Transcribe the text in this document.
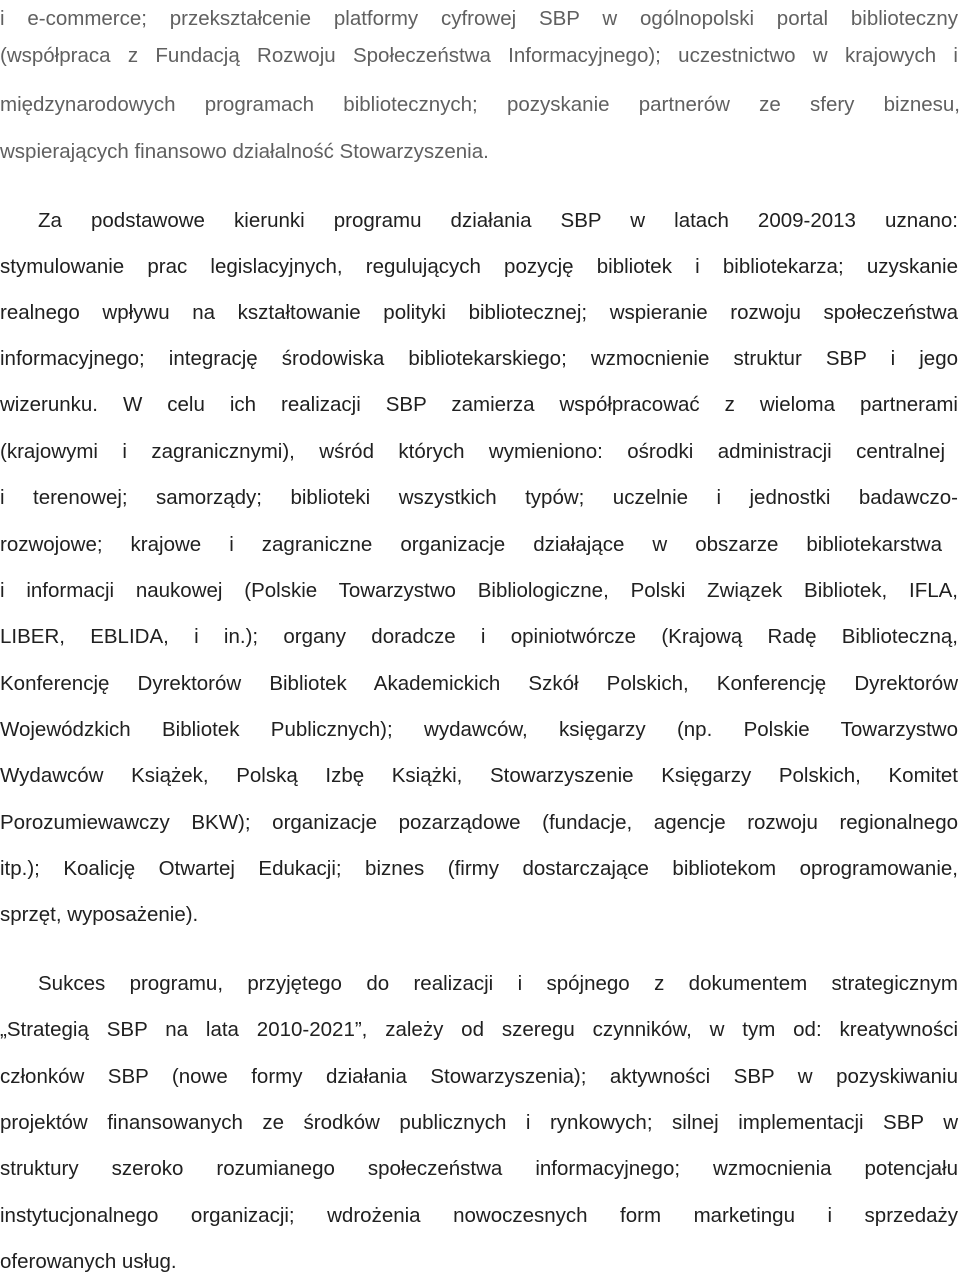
i e-commerce; przekształcenie platformy cyfrowej SBP w ogólnopolski portal biblioteczny
(współpraca z Fundacją Rozwoju Społeczeństwa Informacyjnego); uczestnictwo w krajowych i
międzynarodowych programach bibliotecznych; pozyskanie partnerów ze sfery biznesu,
wspierających finansowo działalność Stowarzyszenia.
Za podstawowe kierunki programu działania SBP w latach 2009-2013 uznano:
stymulowanie prac legislacyjnych, regulujących pozycję bibliotek i bibliotekarza; uzyskanie
realnego wpływu na kształtowanie polityki bibliotecznej; wspieranie rozwoju społeczeństwa
informacyjnego; integrację środowiska bibliotekarskiego; wzmocnienie struktur SBP i jego
wizerunku. W celu ich realizacji SBP zamierza współpracować z wieloma partnerami
(krajowymi i zagranicznymi), wśród których wymieniono: ośrodki administracji centralnej
i terenowej; samorządy; biblioteki wszystkich typów; uczelnie i jednostki badawczo-
rozwojowe; krajowe i zagraniczne organizacje działające w obszarze bibliotekarstwa
i informacji naukowej (Polskie Towarzystwo Bibliologiczne, Polski Związek Bibliotek, IFLA,
LIBER, EBLIDA, i in.); organy doradcze i opiniotwórcze (Krajową Radę Biblioteczną,
Konferencję Dyrektorów Bibliotek Akademickich Szkół Polskich, Konferencję Dyrektorów
Wojewódzkich Bibliotek Publicznych); wydawców, księgarzy (np. Polskie Towarzystwo
Wydawców Książek, Polską Izbę Książki, Stowarzyszenie Księgarzy Polskich, Komitet
Porozumiewawczy BKW); organizacje pozarządowe (fundacje, agencje rozwoju regionalnego
itp.); Koalicję Otwartej Edukacji; biznes (firmy dostarczające bibliotekom oprogramowanie,
sprzęt, wyposażenie).
Sukces programu, przyjętego do realizacji i spójnego z dokumentem strategicznym
„Strategią SBP na lata 2010-2021”, zależy od szeregu czynników, w tym od: kreatywności
członków SBP (nowe formy działania Stowarzyszenia); aktywności SBP w pozyskiwaniu
projektów finansowanych ze środków publicznych i rynkowych; silnej implementacji SBP w
struktury szeroko rozumianego społeczeństwa informacyjnego; wzmocnienia potencjału
instytucjonalnego organizacji; wdrożenia nowoczesnych form marketingu i sprzedaży
oferowanych usług.
